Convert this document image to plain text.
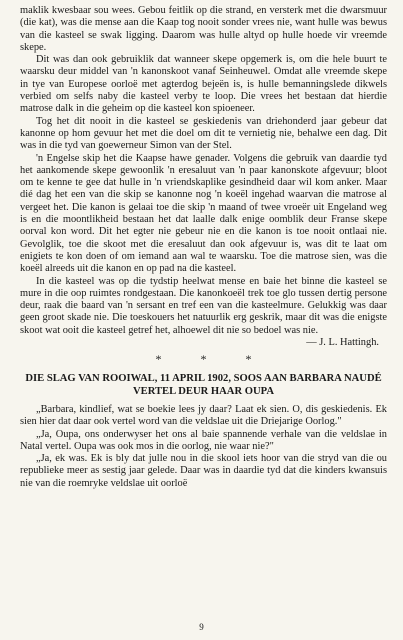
maklik kwesbaar sou wees. Gebou feitlik op die strand, en versterk met die dwarsmuur (die kat), was die mense aan die Kaap tog nooit sonder vrees nie, want hulle was bewus van die kasteel se swak ligging. Daarom was hulle altyd op hulle hoede vir vreemde skepe.

Dit was dan ook gebruiklik dat wanneer skepe opgemerk is, om die hele buurt te waarsku deur middel van 'n kanonskoot vanaf Seinheuwel. Omdat alle vreemde skepe in tye van Europese oorloë met agterdog bejeën is, is hulle bemanningslede dikwels verbied om selfs naby die kasteel verby te loop. Die vrees het bestaan dat hierdie matrose dalk in die geheim op die kasteel kon spioeneer.

Tog het dit nooit in die kasteel se geskiedenis van driehonderd jaar gebeur dat kanonne op hom gevuur het met die doel om dit te vernietig nie, behalwe een dag. Dit was in die tyd van goewerneur Simon van der Stel.

'n Engelse skip het die Kaapse hawe genader. Volgens die gebruik van daardie tyd het aankomende skepe gewoonlik 'n eresaluut van 'n paar kanonskote afgevuur; bloot om te kenne te gee dat hulle in 'n vriendskaplike gesindheid daar wil kom anker. Maar dié dag het een van die skip se kanonne nog 'n koeël ingehad waarvan die matrose al vergeet het. Die kanon is gelaai toe die skip 'n maand of twee vroeër uit Engeland weg is en die moontlikheid bestaan het dat laalle dalk enige oomblik deur Franse skepe oorval kon word. Dit het egter nie gebeur nie en die kanon is toe nooit ontlaai nie. Gevolglik, toe die skoot met die eresaluut dan ook afgevuur is, was dit te laat om enigiets te kon doen of om iemand aan wal te waarsku. Toe die matrose sien, was die koeël alreeds uit die kanon en op pad na die kasteel.

In die kasteel was op die tydstip heelwat mense en baie het binne die kasteel se mure in die oop ruimtes rondgestaan. Die kanonkoeël trek toe glo tussen dertig persone deur, raak die baard van 'n sersant en tref een van die kasteelmure. Gelukkig was daar geen groot skade nie. Die toeskouers het natuurlik erg geskrik, maar dit was die enigste skoot wat ooit die kasteel getref het, alhoewel dit nie so bedoel was nie.

— J. L. Hattingh.

* * *

DIE SLAG VAN ROOIWAL, 11 APRIL 1902, SOOS AAN BARBARA NAUDÉ VERTEL DEUR HAAR OUPA

„Barbara, kindlief, wat se boekie lees jy daar? Laat ek sien. O, dis geskiedenis. Ek sien hier dat daar ook vertel word van die veldslae uit die Driejarige Oorlog."

„Ja, Oupa, ons onderwyser het ons al baie spannende verhale van die veldslae in Natal vertel. Oupa was ook mos in die oorlog, nie waar nie?"

„Ja, ek was. Ek is bly dat julle nou in die skool iets hoor van die stryd van die ou republieke meer as sestig jaar gelede. Daar was in daardie tyd dat die kinders kwansuis nie van die roemryke veldslae uit oorloë

9
